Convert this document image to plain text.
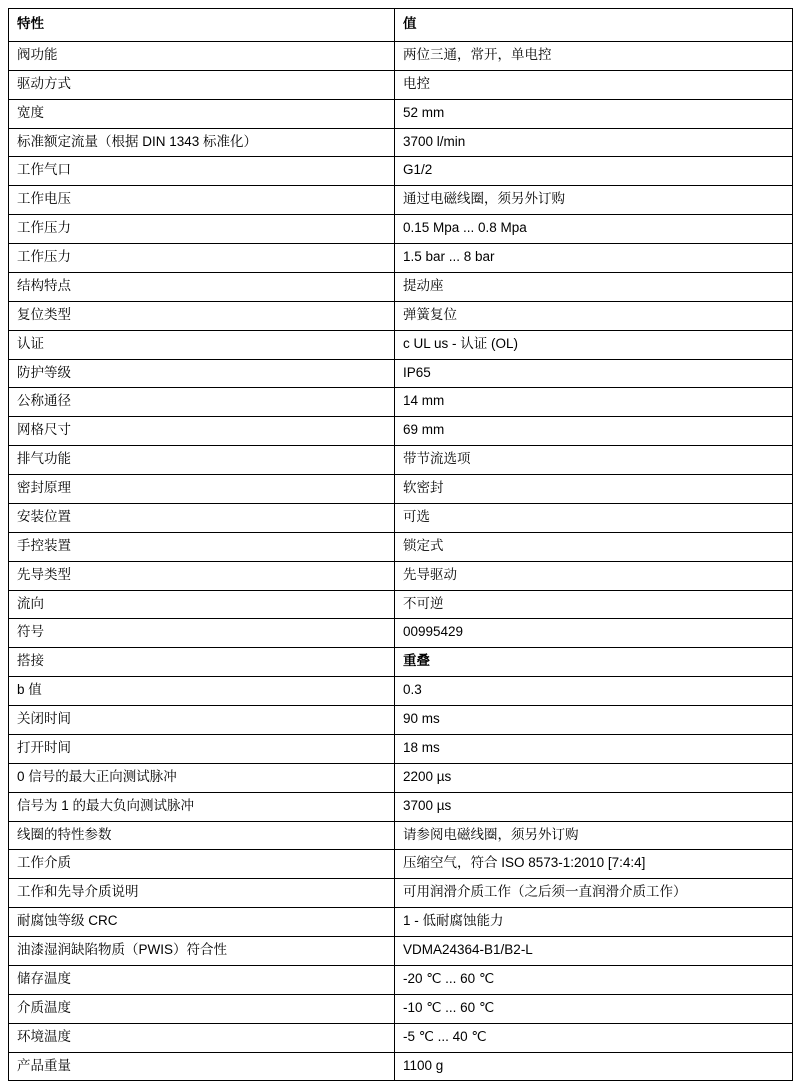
特性	值
阀功能	两位三通，常开，单电控
驱动方式	电控
宽度	52 mm
标准额定流量（根据 DIN 1343 标准化）	3700 l/min
工作气口	G1/2
工作电压	通过电磁线圈，须另外订购
工作压力	0.15 Mpa ... 0.8 Mpa
工作压力	1.5 bar ... 8 bar
结构特点	提动座
复位类型	弹簧复位
认证	c UL us - 认证 (OL)
防护等级	IP65
公称通径	14 mm
网格尺寸	69 mm
排气功能	带节流选项
密封原理	软密封
安装位置	可选
手控装置	锁定式
先导类型	先导驱动
流向	不可逆
符号	00995429
搭接	重叠
b 值	0.3
关闭时间	90 ms
打开时间	18 ms
0 信号的最大正向测试脉冲	2200 µs
信号为 1 的最大负向测试脉冲	3700 µs
线圈的特性参数	请参阅电磁线圈，须另外订购
工作介质	压缩空气，符合 ISO 8573-1:2010 [7:4:4]
工作和先导介质说明	可用润滑介质工作（之后须一直润滑介质工作）
耐腐蚀等级 CRC	1 - 低耐腐蚀能力
油漆湿润缺陷物质（PWIS）符合性	VDMA24364-B1/B2-L
储存温度	-20 ℃ ... 60 ℃
介质温度	-10 ℃ ... 60 ℃
环境温度	-5 ℃ ... 40 ℃
产品重量	1100 g
